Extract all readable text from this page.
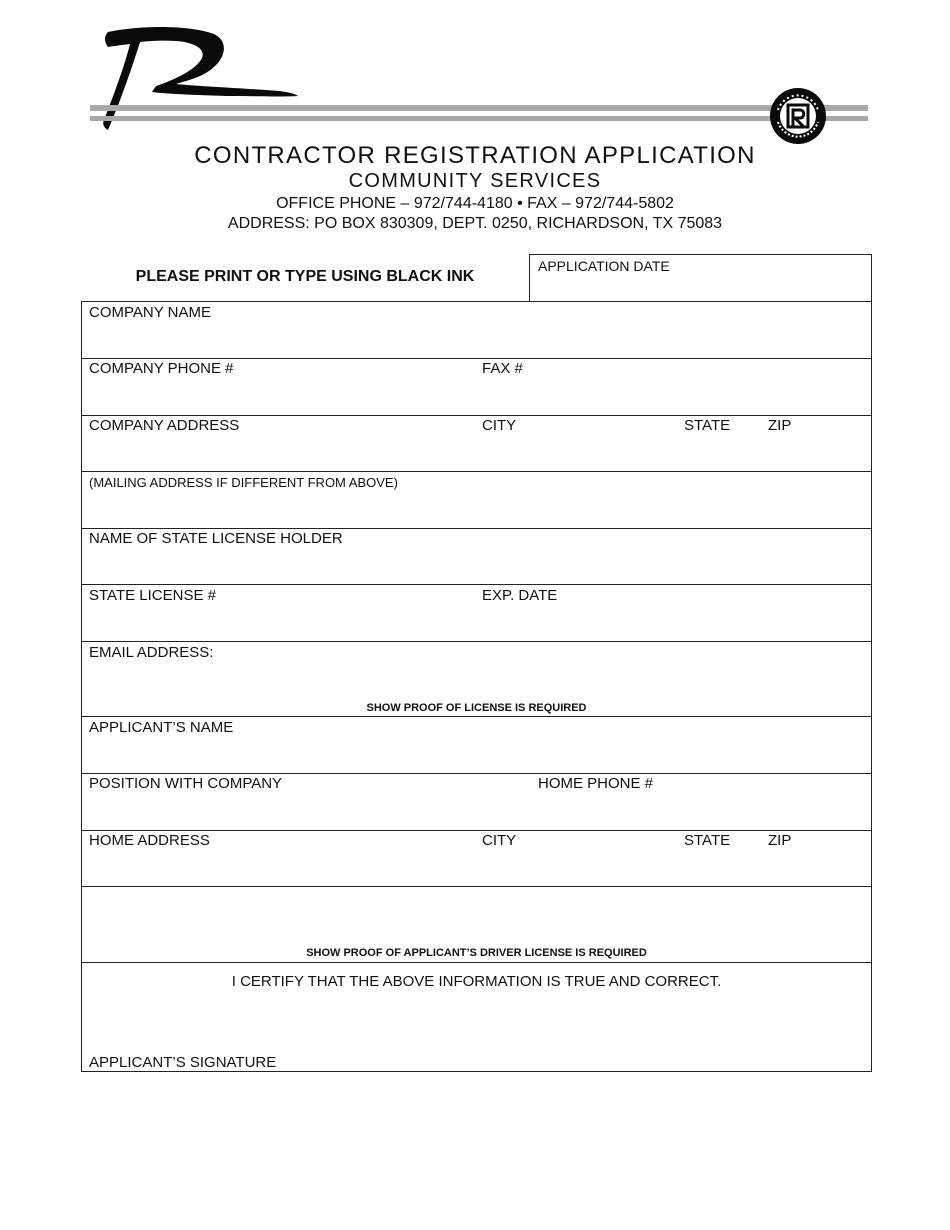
CONTRACTOR REGISTRATION APPLICATION
COMMUNITY SERVICES
OFFICE PHONE – 972/744-4180 • FAX – 972/744-5802
ADDRESS: PO BOX 830309, DEPT. 0250, RICHARDSON, TX 75083
PLEASE PRINT OR TYPE USING BLACK INK
APPLICATION DATE
COMPANY NAME
COMPANY PHONE #	FAX #
COMPANY ADDRESS	CITY	STATE	ZIP
(MAILING ADDRESS IF DIFFERENT FROM ABOVE)
NAME OF STATE LICENSE HOLDER
STATE LICENSE #	EXP. DATE
EMAIL ADDRESS:
SHOW PROOF OF LICENSE IS REQUIRED
APPLICANT’S NAME
POSITION WITH COMPANY	HOME PHONE #
HOME ADDRESS	CITY	STATE	ZIP
SHOW PROOF OF APPLICANT’S DRIVER LICENSE IS REQUIRED
I CERTIFY THAT THE ABOVE INFORMATION IS TRUE AND CORRECT.
APPLICANT’S SIGNATURE
